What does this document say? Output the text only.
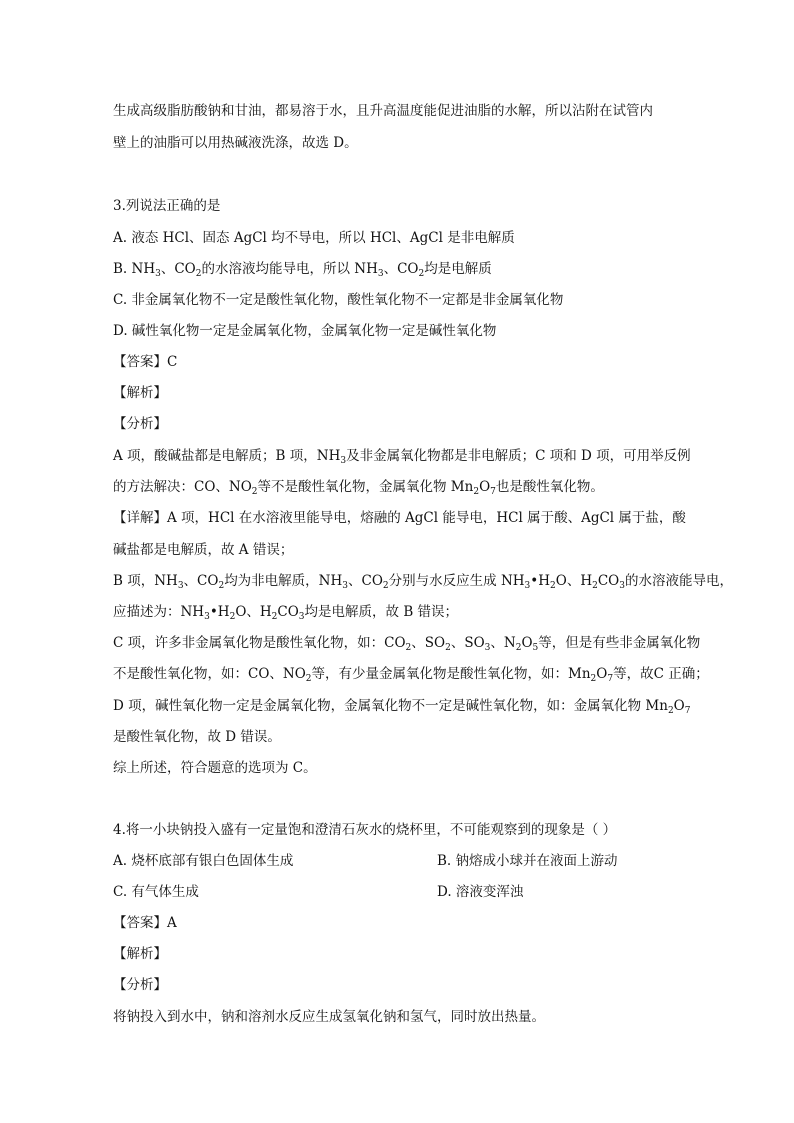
生成高级脂肪酸钠和甘油，都易溶于水，且升高温度能促进油脂的水解，所以沾附在试管内
壁上的油脂可以用热碱液洗涤，故选 D。
3.列说法正确的是
A. 液态 HCl、固态 AgCl 均不导电，所以 HCl、AgCl 是非电解质
B. $NH_3$、$CO_2$的水溶液均能导电，所以 $NH_3$、$CO_2$均是电解质
C. 非金属氧化物不一定是酸性氧化物，酸性氧化物不一定都是非金属氧化物
D. 碱性氧化物一定是金属氧化物，金属氧化物一定是碱性氧化物
【答案】C
【解析】
【分析】
A 项，酸碱盐都是电解质；B 项，$NH_3$及非金属氧化物都是非电解质；C 项和 D 项，可用举反例
的方法解决：CO、$NO_2$等不是酸性氧化物，金属氧化物 $Mn_2O_7$也是酸性氧化物。
【详解】A 项，HCl 在水溶液里能导电，熔融的 AgCl 能导电，HCl 属于酸、AgCl 属于盐，酸
碱盐都是电解质，故 A 错误；
B 项，$NH_3$、$CO_2$均为非电解质，$NH_3$、$CO_2$分别与水反应生成 $NH_3•H_2O$、$H_2CO_3$的水溶液能导电，
应描述为：$NH_3•H_2O$、$H_2CO_3$均是电解质，故 B 错误；
C 项，许多非金属氧化物是酸性氧化物，如：$CO_2$、$SO_2$、$SO_3$、$N_2O_5$等，但是有些非金属氧化物
不是酸性氧化物，如：CO、$NO_2$等，有少量金属氧化物是酸性氧化物，如：$Mn_2O_7$等，故C 正确；
D 项，碱性氧化物一定是金属氧化物，金属氧化物不一定是碱性氧化物，如：金属氧化物 $Mn_2O_7$
是酸性氧化物，故 D 错误。
综上所述，符合题意的选项为 C。
4.将一小块钠投入盛有一定量饱和澄清石灰水的烧杯里，不可能观察到的现象是（ ）
A. 烧杯底部有银白色固体生成	B. 钠熔成小球并在液面上游动
C. 有气体生成	D. 溶液变浑浊
【答案】A
【解析】
【分析】
将钠投入到水中，钠和溶剂水反应生成氢氧化钠和氢气，同时放出热量。
